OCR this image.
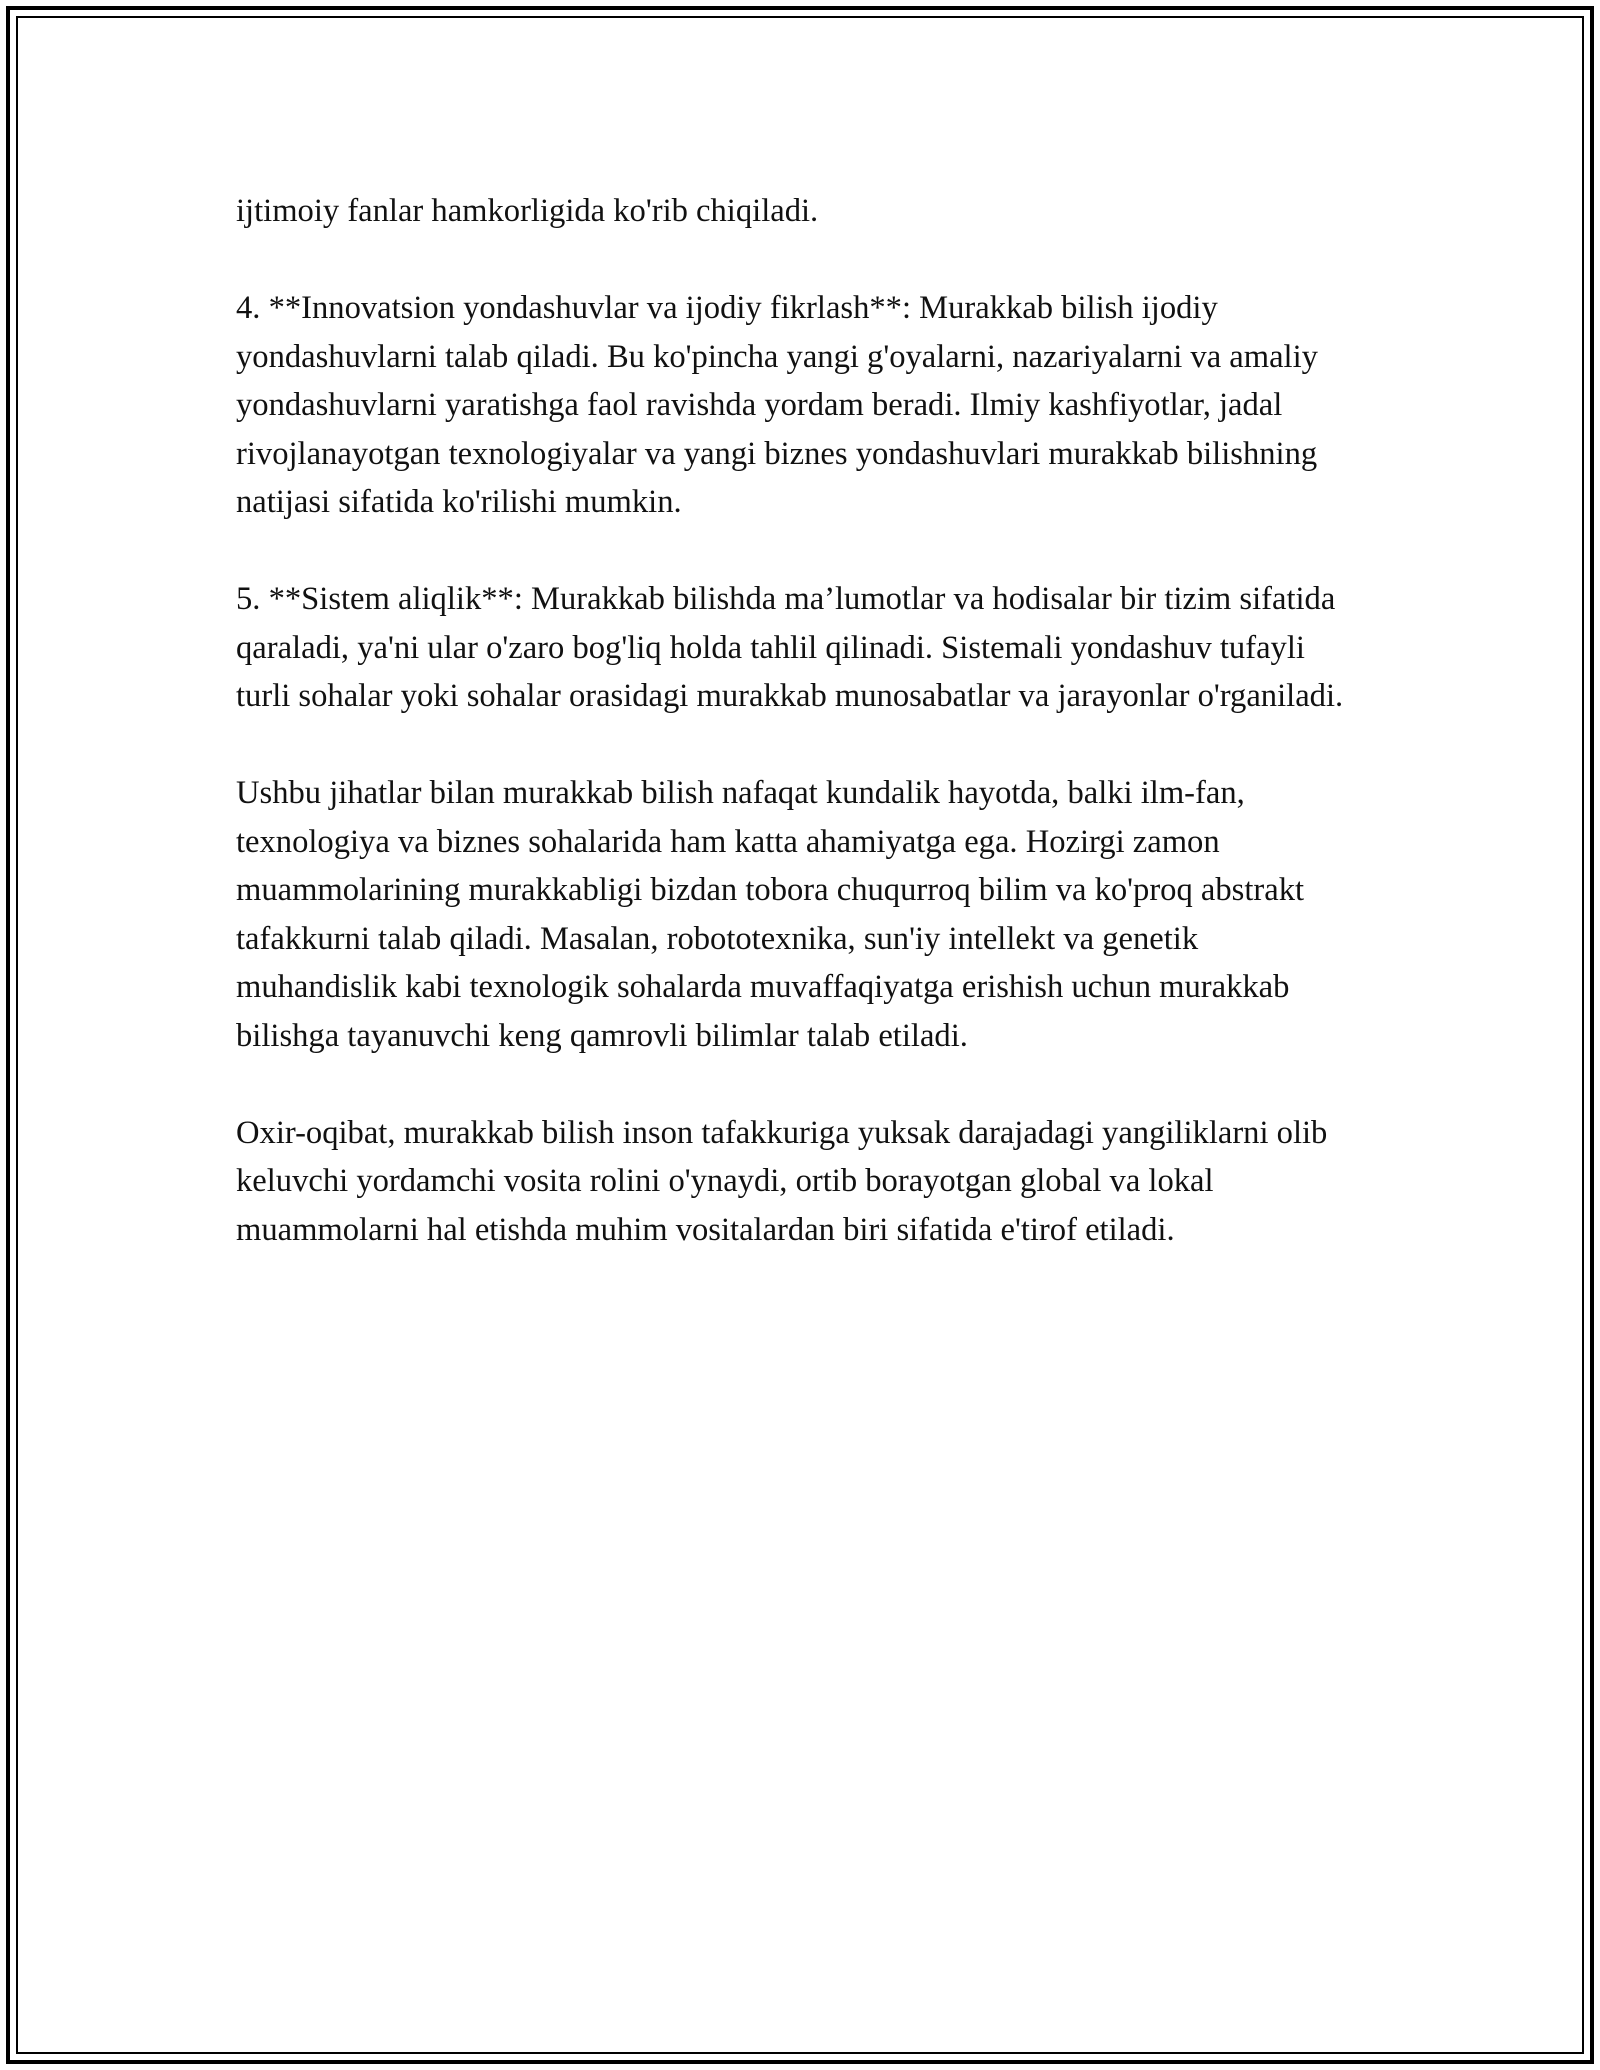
ijtimoiy fanlar hamkorligida ko'rib chiqiladi.

4. **Innovatsion yondashuvlar va ijodiy fikrlash**: Murakkab bilish ijodiy yondashuvlarni talab qiladi. Bu ko'pincha yangi g'oyalarni, nazariyalarni va amaliy yondashuvlarni yaratishga faol ravishda yordam beradi. Ilmiy kashfiyotlar, jadal rivojlanayotgan texnologiyalar va yangi biznes yondashuvlari murakkab bilishning natijasi sifatida ko'rilishi mumkin.

5. **Sistem aliqlik**: Murakkab bilishda ma’lumotlar va hodisalar bir tizim sifatida qaraladi, ya'ni ular o'zaro bog'liq holda tahlil qilinadi. Sistemali yondashuv tufayli turli sohalar yoki sohalar orasidagi murakkab munosabatlar va jarayonlar o'rganiladi.

Ushbu jihatlar bilan murakkab bilish nafaqat kundalik hayotda, balki ilm-fan, texnologiya va biznes sohalarida ham katta ahamiyatga ega. Hozirgi zamon muammolarining murakkabligi bizdan tobora chuqurroq bilim va ko'proq abstrakt tafakkurni talab qiladi. Masalan, robototexnika, sun'iy intellekt va genetik muhandislik kabi texnologik sohalarda muvaffaqiyatga erishish uchun murakkab bilishga tayanuvchi keng qamrovli bilimlar talab etiladi.

Oxir-oqibat, murakkab bilish inson tafakkuriga yuksak darajadagi yangiliklarni olib keluvchi yordamchi vosita rolini o'ynaydi, ortib borayotgan global va lokal muammolarni hal etishda muhim vositalardan biri sifatida e'tirof etiladi.
